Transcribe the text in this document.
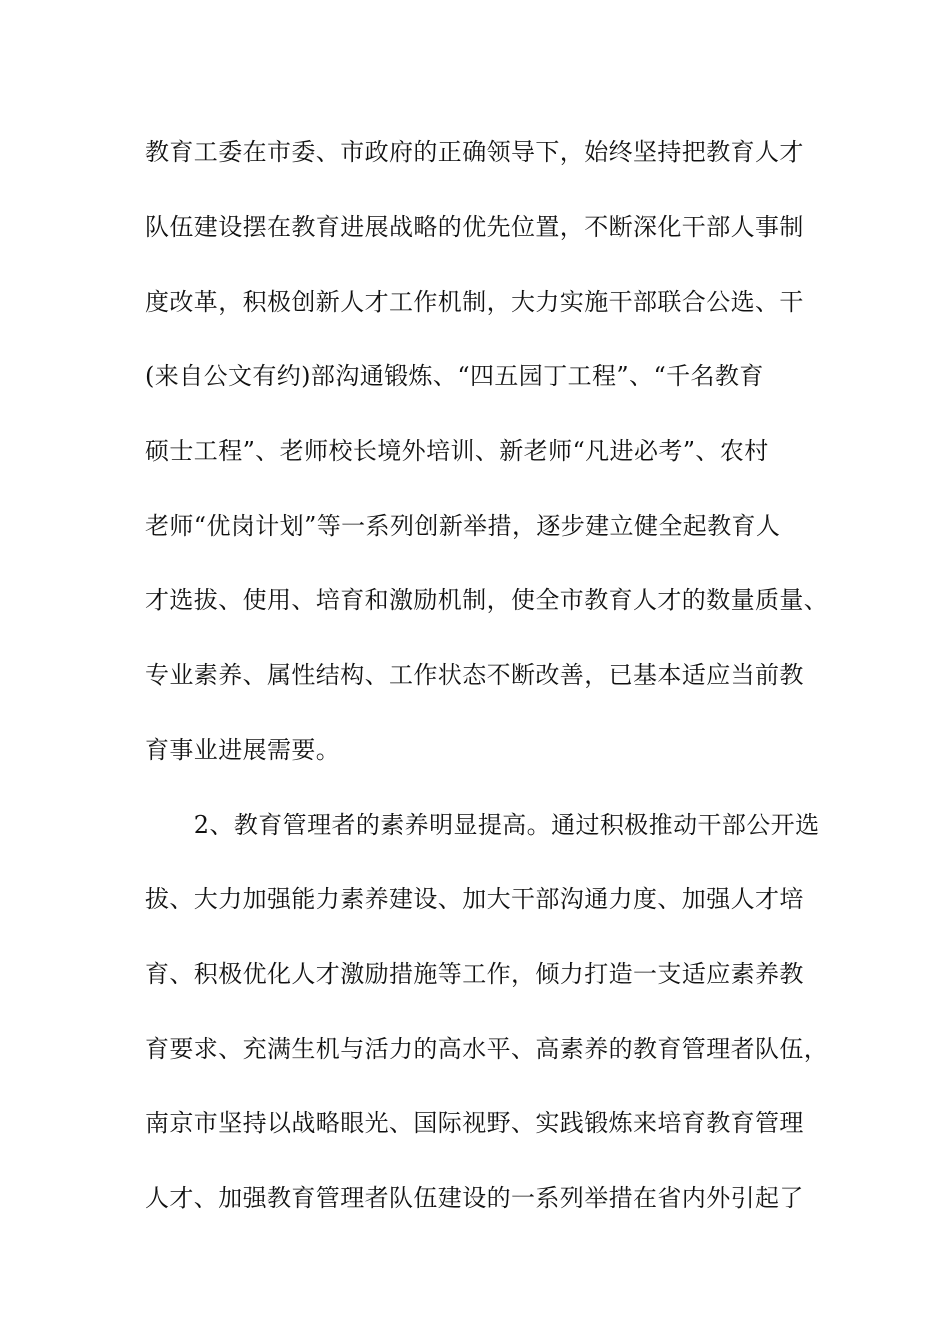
教育工委在市委、市政府的正确领导下，始终坚持把教育人才
队伍建设摆在教育进展战略的优先位置，不断深化干部人事制
度改革，积极创新人才工作机制，大力实施干部联合公选、干
(来自公文有约)部沟通锻炼、“四五园丁工程”、“千名教育
硕士工程”、老师校长境外培训、新老师“凡进必考”、农村
老师“优岗计划”等一系列创新举措，逐步建立健全起教育人
才选拔、使用、培育和激励机制，使全市教育人才的数量质量、
专业素养、属性结构、工作状态不断改善，已基本适应当前教
育事业进展需要。
　　2、教育管理者的素养明显提高。通过积极推动干部公开选
拔、大力加强能力素养建设、加大干部沟通力度、加强人才培
育、积极优化人才激励措施等工作，倾力打造一支适应素养教
育要求、充满生机与活力的高水平、高素养的教育管理者队伍，
南京市坚持以战略眼光、国际视野、实践锻炼来培育教育管理
人才、加强教育管理者队伍建设的一系列举措在省内外引起了
